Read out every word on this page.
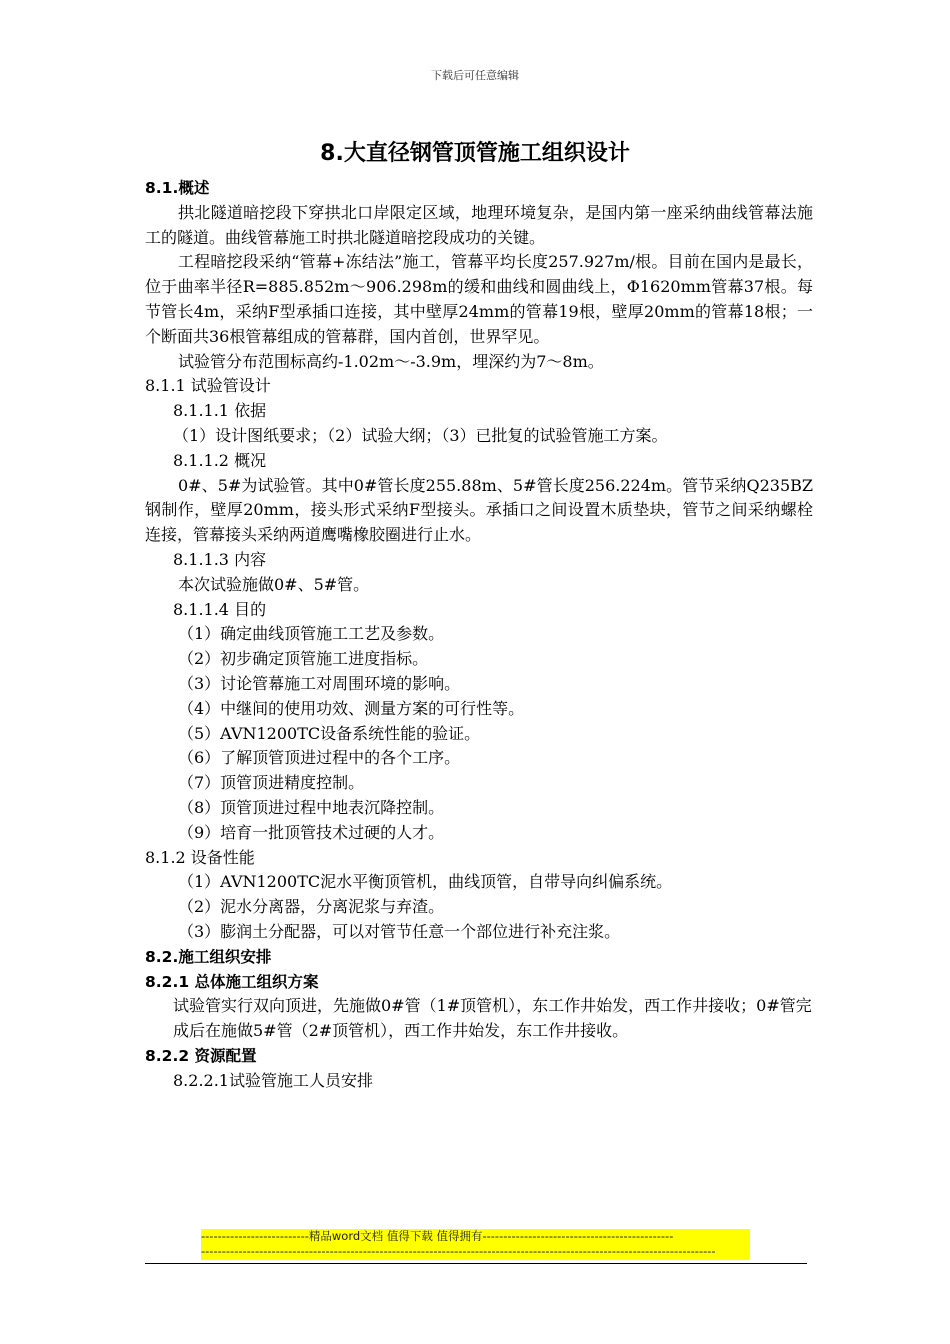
下载后可任意编辑
8.大直径钢管顶管施工组织设计
8.1.概述
拱北隧道暗挖段下穿拱北口岸限定区域，地理环境复杂，是国内第一座采纳曲线管幕法施工的隧道。曲线管幕施工时拱北隧道暗挖段成功的关键。
工程暗挖段采纳“管幕+冻结法”施工，管幕平均长度257.927m/根。目前在国内是最长，位于曲率半径R=885.852m～906.298m的缓和曲线和圆曲线上，Φ1620mm管幕37根。每节管长4m，采纳F型承插口连接，其中壁厚24mm的管幕19根，壁厚20mm的管幕18根；一个断面共36根管幕组成的管幕群，国内首创，世界罕见。
试验管分布范围标高约-1.02m～-3.9m，埋深约为7～8m。
8.1.1 试验管设计
8.1.1.1 依据
（1）设计图纸要求；（2）试验大纲；（3）已批复的试验管施工方案。
8.1.1.2 概况
0#、5#为试验管。其中0#管长度255.88m、5#管长度256.224m。管节采纳Q235BZ钢制作，壁厚20mm，接头形式采纳F型接头。承插口之间设置木质垫块，管节之间采纳螺栓连接，管幕接头采纳两道鹰嘴橡胶圈进行止水。
8.1.1.3 内容
本次试验施做0#、5#管。
8.1.1.4 目的
（1）确定曲线顶管施工工艺及参数。
（2）初步确定顶管施工进度指标。
（3）讨论管幕施工对周围环境的影响。
（4）中继间的使用功效、测量方案的可行性等。
（5）AVN1200TC设备系统性能的验证。
（6）了解顶管顶进过程中的各个工序。
（7）顶管顶进精度控制。
（8）顶管顶进过程中地表沉降控制。
（9）培育一批顶管技术过硬的人才。
8.1.2 设备性能
（1）AVN1200TC泥水平衡顶管机，曲线顶管，自带导向纠偏系统。
（2）泥水分离器，分离泥浆与弃渣。
（3）膨润土分配器，可以对管节任意一个部位进行补充注浆。
8.2.施工组织安排
8.2.1 总体施工组织方案
试验管实行双向顶进，先施做0#管（1#顶管机），东工作井始发，西工作井接收；0#管完成后在施做5#管（2#顶管机），西工作井始发，东工作井接收。
8.2.2 资源配置
8.2.2.1试验管施工人员安排
--------------------------精品word文档 值得下载 值得拥有----------------------------------------------
----------------------------------------------------------------------------------------------------------------------------
